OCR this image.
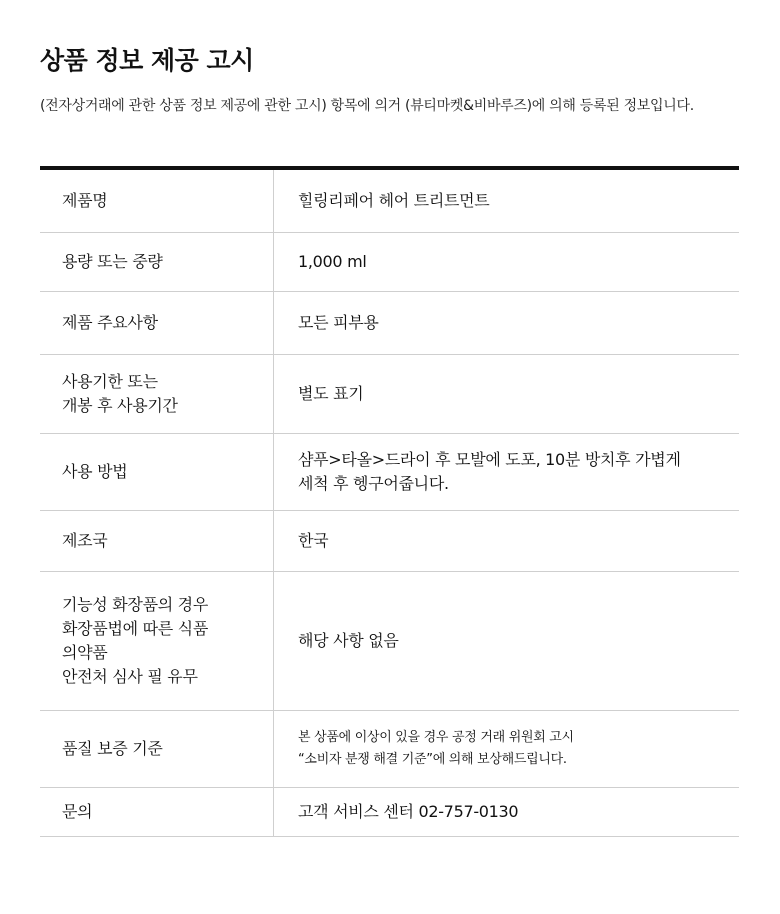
상품 정보 제공 고시

(전자상거래에 관한 상품 정보 제공에 관한 고시) 항목에 의거 (뷰티마켓&비바루즈)에 의해 등록된 정보입니다.

제품명	힐링리페어 헤어 트리트먼트
용량 또는 중량	1,000 ml
제품 주요사항	모든 피부용
사용기한 또는
개봉 후 사용기간	별도 표기
사용 방법	샴푸>타올>드라이 후 모발에 도포, 10분 방치후 가볍게
세척 후 헹구어줍니다.
제조국	한국
기능성 화장품의 경우
화장품법에 따른 식품
의약품
안전처 심사 필 유무	해당 사항 없음
품질 보증 기준	본 상품에 이상이 있을 경우 공정 거래 위원회 고시
“소비자 분쟁 해결 기준”에 의해 보상해드립니다.
문의	고객 서비스 센터 02-757-0130
